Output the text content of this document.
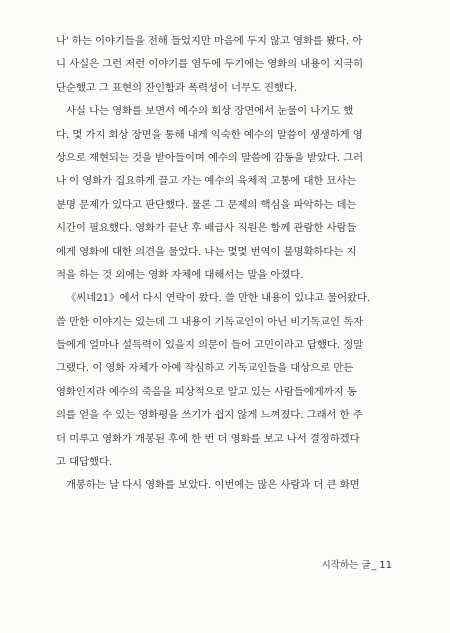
나' 하는 이야기들을 전해 들었지만 마음에 두지 않고 영화를 봤다. 아
니 사실은 그런 저런 이야기를 염두에 두기에는 영화의 내용이 지극히
단순했고 그 표현의 잔인함과 폭력성이 너무도 진했다.
사실 나는 영화를 보면서 예수의 회상 장면에서 눈물이 나기도 했
다. 몇 가지 회상 장면을 통해 내게 익숙한 예수의 말씀이 생생하게 영
상으로 재현되는 것을 받아들이며 예수의 말씀에 감동을 받았다. 그러
나 이 영화가 집요하게 끌고 가는 예수의 육체적 고통에 대한 묘사는
분명 문제가 있다고 판단했다. 물론 그 문제의 핵심을 파악하는 데는
시간이 필요했다. 영화가 끝난 후 배급사 직원은 함께 관람한 사람들
에게 영화에 대한 의견을 물었다. 나는 몇몇 번역이 불명확하다는 지
적을 하는 것 외에는 영화 자체에 대해서는 말을 아꼈다.
《씨네21》에서 다시 연락이 왔다. 쓸 만한 내용이 있냐고 물어왔다.
쓸 만한 이야기는 있는데 그 내용이 기독교인이 아닌 비기독교인 독자
들에게 얼마나 설득력이 있을지 의문이 들어 고민이라고 답했다. 정말
그랬다. 이 영화 자체가 아예 작심하고 기독교인들을 대상으로 만든
영화인지라 예수의 죽음을 피상적으로 알고 있는 사람들에게까지 동
의를 얻을 수 있는 영화평을 쓰기가 쉽지 않게 느껴졌다. 그래서 한 주
더 미루고 영화가 개봉된 후에 한 번 더 영화를 보고 나서 결정하겠다
고 대답했다.
개봉하는 날 다시 영화를 보았다. 이번에는 많은 사람과 더 큰 화면
시작하는 글_ 11
